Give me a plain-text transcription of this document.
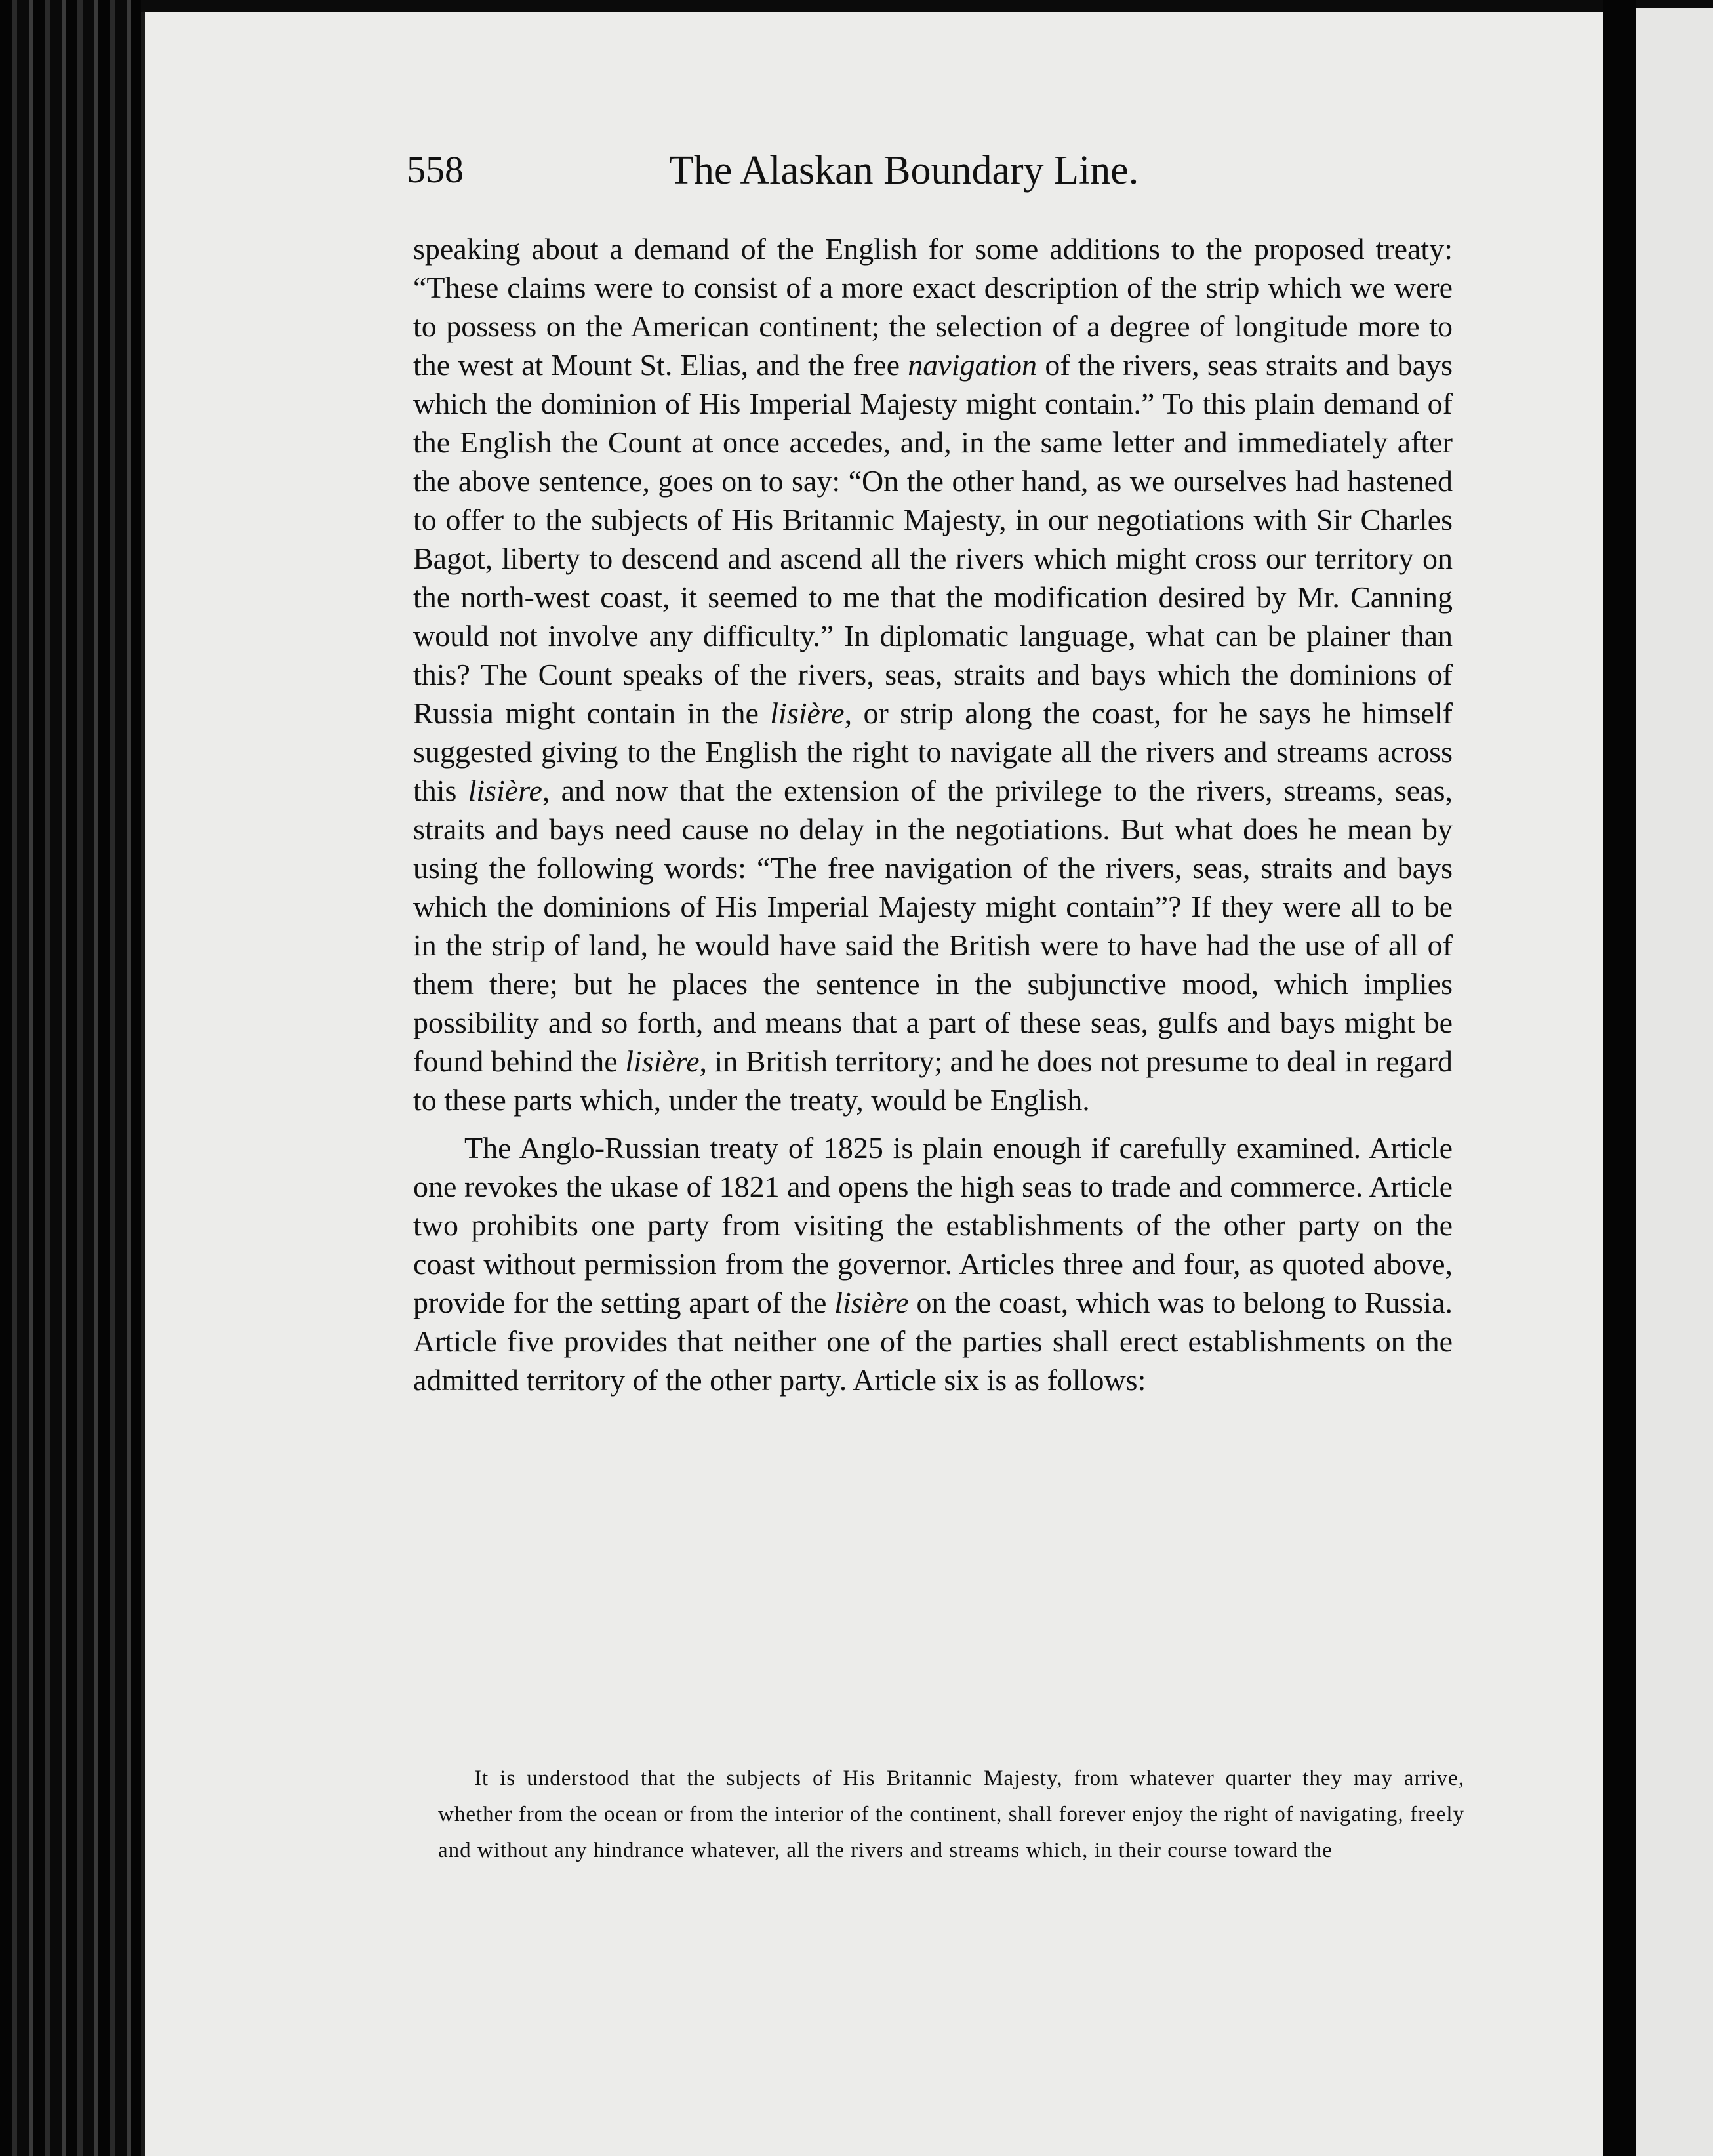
558	The Alaskan Boundary Line.

speaking about a demand of the English for some additions to the proposed treaty: “These claims were to consist of a more exact description of the strip which we were to possess on the American continent; the selection of a degree of longitude more to the west at Mount St. Elias, and the free navigation of the rivers, seas straits and bays which the dominion of His Imperial Majesty might contain.” To this plain demand of the English the Count at once accedes, and, in the same letter and immediately after the above sentence, goes on to say: “On the other hand, as we ourselves had hastened to offer to the subjects of His Britannic Majesty, in our negotiations with Sir Charles Bagot, liberty to descend and ascend all the rivers which might cross our territory on the north-west coast, it seemed to me that the modification desired by Mr. Canning would not involve any difficulty.” In diplomatic language, what can be plainer than this? The Count speaks of the rivers, seas, straits and bays which the dominions of Russia might contain in the lisière, or strip along the coast, for he says he himself suggested giving to the English the right to navigate all the rivers and streams across this lisière, and now that the extension of the privilege to the rivers, streams, seas, straits and bays need cause no delay in the negotiations. But what does he mean by using the following words: “The free navigation of the rivers, seas, straits and bays which the dominions of His Imperial Majesty might contain”? If they were all to be in the strip of land, he would have said the British were to have had the use of all of them there; but he places the sentence in the subjunctive mood, which implies possibility and so forth, and means that a part of these seas, gulfs and bays might be found behind the lisière, in British territory; and he does not presume to deal in regard to these parts which, under the treaty, would be English.

The Anglo-Russian treaty of 1825 is plain enough if carefully examined. Article one revokes the ukase of 1821 and opens the high seas to trade and commerce. Article two prohibits one party from visiting the establishments of the other party on the coast without permission from the governor. Articles three and four, as quoted above, provide for the setting apart of the lisière on the coast, which was to belong to Russia. Article five provides that neither one of the parties shall erect establishments on the admitted territory of the other party. Article six is as follows:

It is understood that the subjects of His Britannic Majesty, from whatever quarter they may arrive, whether from the ocean or from the interior of the continent, shall forever enjoy the right of navigating, freely and without any hindrance whatever, all the rivers and streams which, in their course toward the
